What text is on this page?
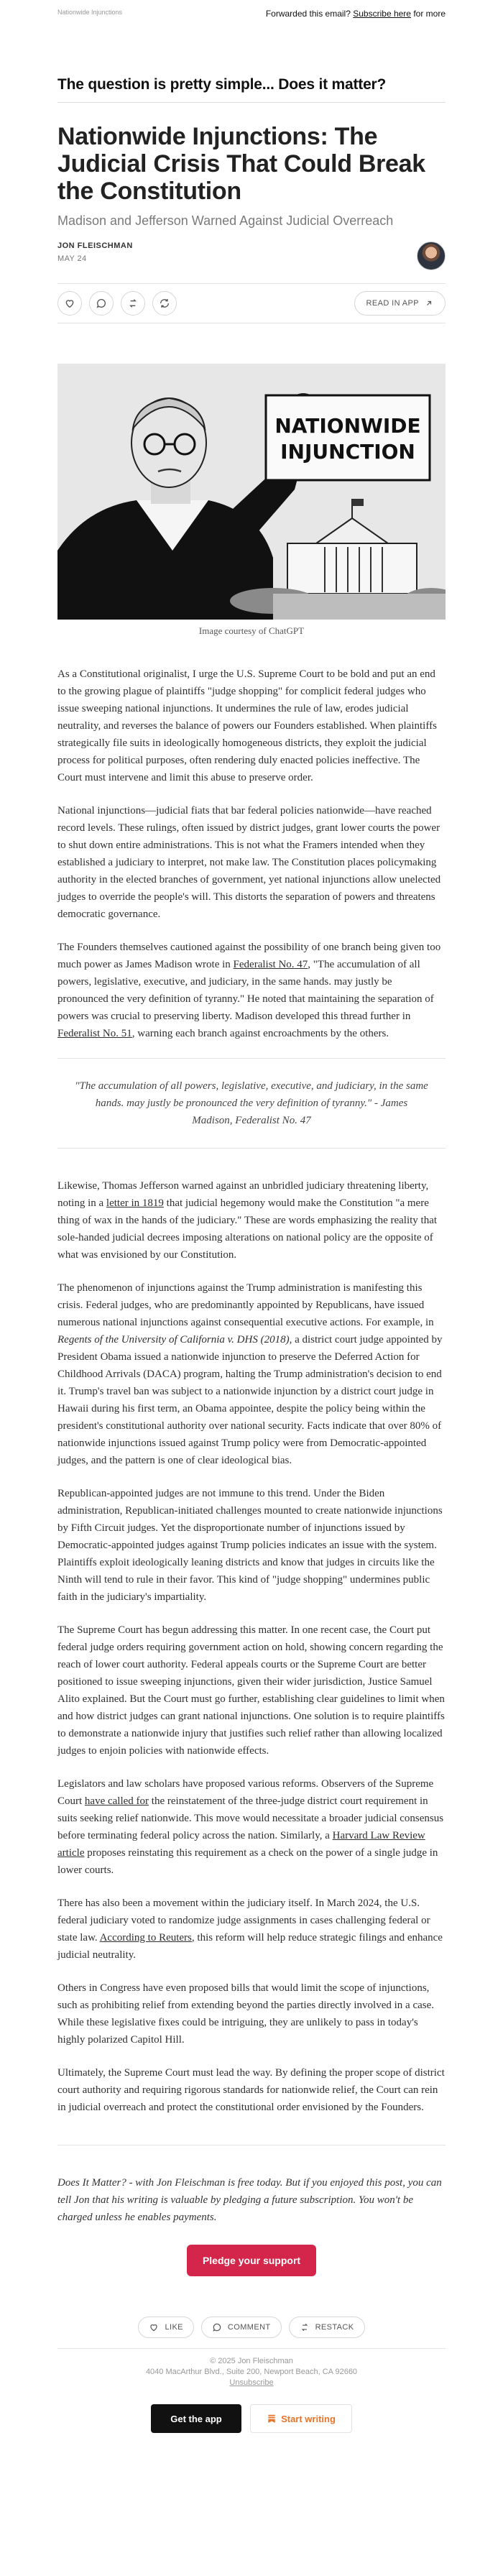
Nationwide Injunctions	Forwarded this email? Subscribe here for more
The question is pretty simple... Does it matter?
Nationwide Injunctions: The Judicial Crisis That Could Break the Constitution
Madison and Jefferson Warned Against Judicial Overreach
JON FLEISCHMAN
MAY 24
READ IN APP
NATIONWIDE
INJUNCTION
Image courtesy of ChatGPT

As a Constitutional originalist, I urge the U.S. Supreme Court to be bold and put an end to the growing plague of plaintiffs "judge shopping" for complicit federal judges who issue sweeping national injunctions. It undermines the rule of law, erodes judicial neutrality, and reverses the balance of powers our Founders established. When plaintiffs strategically file suits in ideologically homogeneous districts, they exploit the judicial process for political purposes, often rendering duly enacted policies ineffective. The Court must intervene and limit this abuse to preserve order.

National injunctions—judicial fiats that bar federal policies nationwide—have reached record levels. These rulings, often issued by district judges, grant lower courts the power to shut down entire administrations. This is not what the Framers intended when they established a judiciary to interpret, not make law. The Constitution places policymaking authority in the elected branches of government, yet national injunctions allow unelected judges to override the people's will. This distorts the separation of powers and threatens democratic governance.

The Founders themselves cautioned against the possibility of one branch being given too much power as James Madison wrote in Federalist No. 47, "The accumulation of all powers, legislative, executive, and judiciary, in the same hands. may justly be pronounced the very definition of tyranny." He noted that maintaining the separation of powers was crucial to preserving liberty. Madison developed this thread further in Federalist No. 51, warning each branch against encroachments by the others.

"The accumulation of all powers, legislative, executive, and judiciary, in the same hands. may justly be pronounced the very definition of tyranny." - James Madison, Federalist No. 47

Likewise, Thomas Jefferson warned against an unbridled judiciary threatening liberty, noting in a letter in 1819 that judicial hegemony would make the Constitution "a mere thing of wax in the hands of the judiciary." These are words emphasizing the reality that sole-handed judicial decrees imposing alterations on national policy are the opposite of what was envisioned by our Constitution.

The phenomenon of injunctions against the Trump administration is manifesting this crisis. Federal judges, who are predominantly appointed by Republicans, have issued numerous national injunctions against consequential executive actions. For example, in Regents of the University of California v. DHS (2018), a district court judge appointed by President Obama issued a nationwide injunction to preserve the Deferred Action for Childhood Arrivals (DACA) program, halting the Trump administration's decision to end it. Trump's travel ban was subject to a nationwide injunction by a district court judge in Hawaii during his first term, an Obama appointee, despite the policy being within the president's constitutional authority over national security. Facts indicate that over 80% of nationwide injunctions issued against Trump policy were from Democratic-appointed judges, and the pattern is one of clear ideological bias.

Republican-appointed judges are not immune to this trend. Under the Biden administration, Republican-initiated challenges mounted to create nationwide injunctions by Fifth Circuit judges. Yet the disproportionate number of injunctions issued by Democratic-appointed judges against Trump policies indicates an issue with the system. Plaintiffs exploit ideologically leaning districts and know that judges in circuits like the Ninth will tend to rule in their favor. This kind of "judge shopping" undermines public faith in the judiciary's impartiality.

The Supreme Court has begun addressing this matter. In one recent case, the Court put federal judge orders requiring government action on hold, showing concern regarding the reach of lower court authority. Federal appeals courts or the Supreme Court are better positioned to issue sweeping injunctions, given their wider jurisdiction, Justice Samuel Alito explained. But the Court must go further, establishing clear guidelines to limit when and how district judges can grant national injunctions. One solution is to require plaintiffs to demonstrate a nationwide injury that justifies such relief rather than allowing localized judges to enjoin policies with nationwide effects.

Legislators and law scholars have proposed various reforms. Observers of the Supreme Court have called for the reinstatement of the three-judge district court requirement in suits seeking relief nationwide. This move would necessitate a broader judicial consensus before terminating federal policy across the nation. Similarly, a Harvard Law Review article proposes reinstating this requirement as a check on the power of a single judge in lower courts.

There has also been a movement within the judiciary itself. In March 2024, the U.S. federal judiciary voted to randomize judge assignments in cases challenging federal or state law. According to Reuters, this reform will help reduce strategic filings and enhance judicial neutrality.

Others in Congress have even proposed bills that would limit the scope of injunctions, such as prohibiting relief from extending beyond the parties directly involved in a case. While these legislative fixes could be intriguing, they are unlikely to pass in today's highly polarized Capitol Hill.

Ultimately, the Supreme Court must lead the way. By defining the proper scope of district court authority and requiring rigorous standards for nationwide relief, the Court can rein in judicial overreach and protect the constitutional order envisioned by the Founders.

Does It Matter? - with Jon Fleischman is free today. But if you enjoyed this post, you can tell Jon that his writing is valuable by pledging a future subscription. You won't be charged unless he enables payments.
Pledge your support
LIKE	COMMENT	RESTACK
© 2025 Jon Fleischman
4040 MacArthur Blvd., Suite 200, Newport Beach, CA 92660
Unsubscribe
Get the app	Start writing
